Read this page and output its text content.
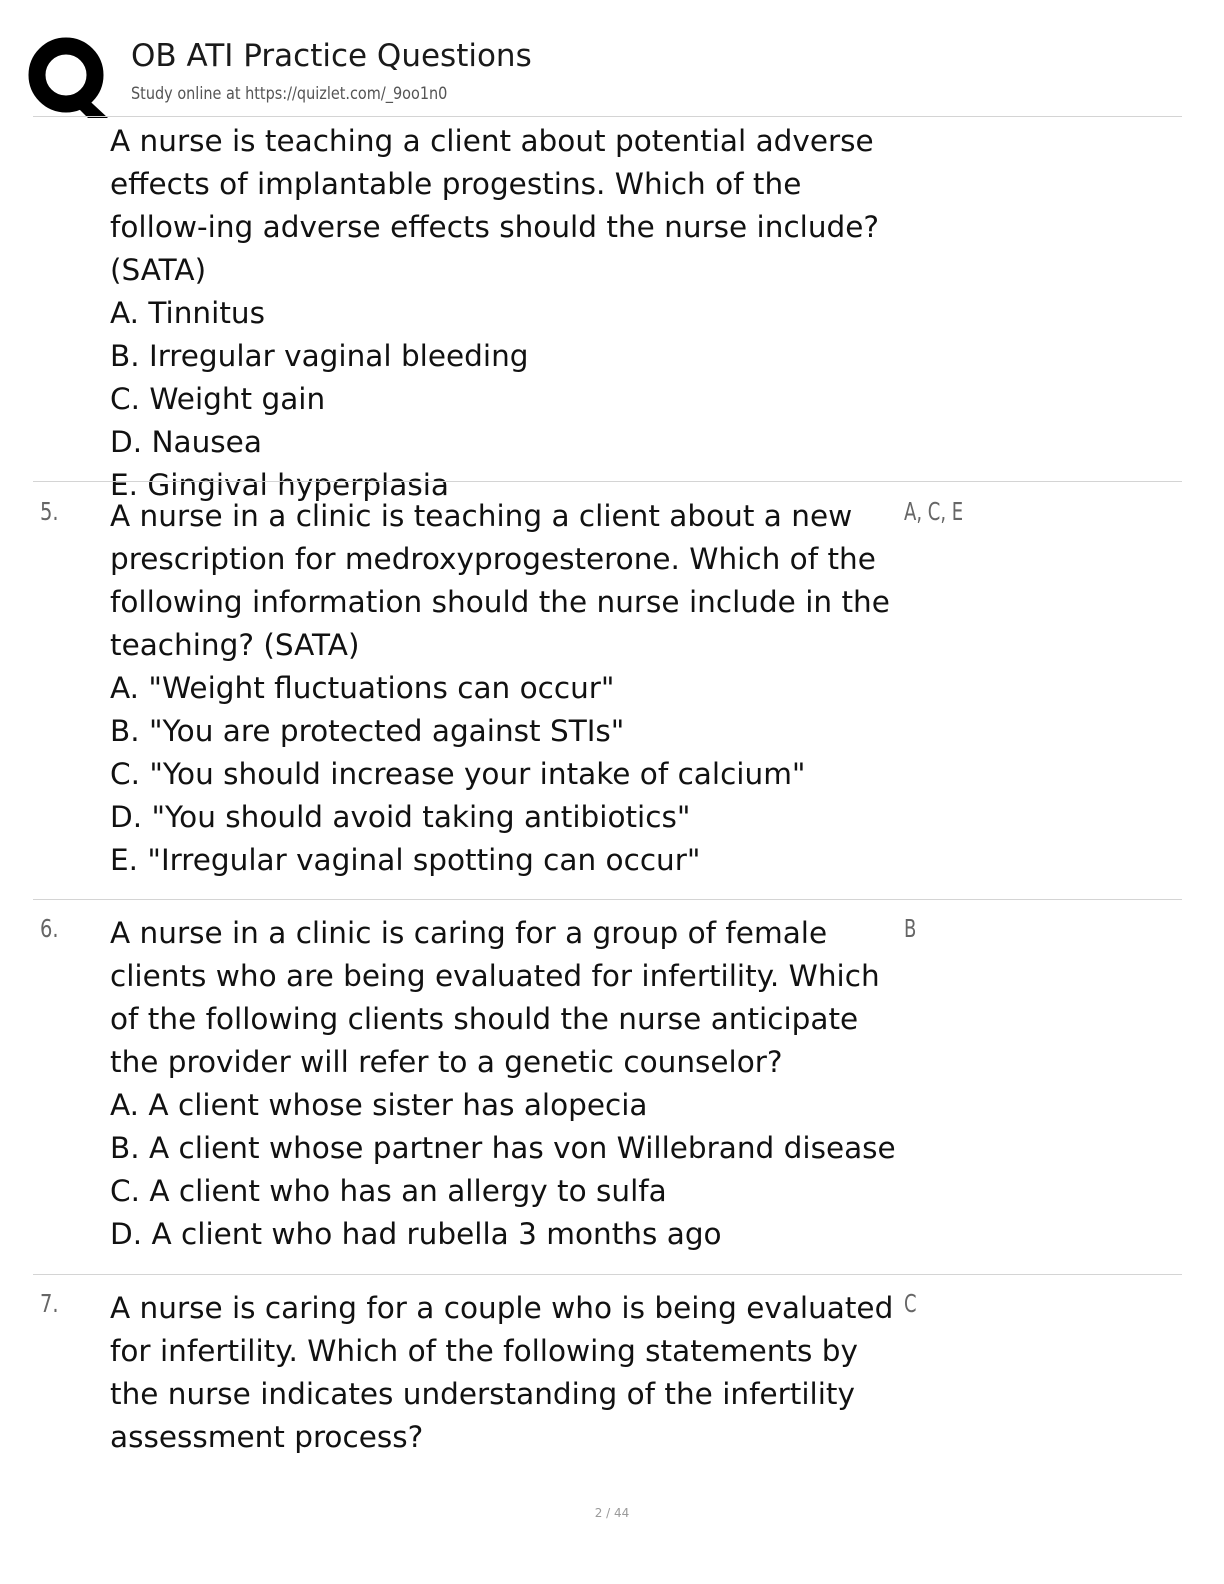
OB ATI Practice Questions
Study online at https://quizlet.com/_9oo1n0
A nurse is teaching a client about potential adverse effects of implantable progestins. Which of the follow-ing adverse effects should the nurse include? (SATA)
A. Tinnitus
B. Irregular vaginal bleeding
C. Weight gain
D. Nausea
E. Gingival hyperplasia
5. A nurse in a clinic is teaching a client about a new prescription for medroxyprogesterone. Which of the following information should the nurse include in the teaching? (SATA)
A. "Weight fluctuations can occur"
B. "You are protected against STIs"
C. "You should increase your intake of calcium"
D. "You should avoid taking antibiotics"
E. "Irregular vaginal spotting can occur"
A, C, E
6. A nurse in a clinic is caring for a group of female clients who are being evaluated for infertility. Which of the following clients should the nurse anticipate the provider will refer to a genetic counselor?
A. A client whose sister has alopecia
B. A client whose partner has von Willebrand disease
C. A client who has an allergy to sulfa
D. A client who had rubella 3 months ago
B
7. A nurse is caring for a couple who is being evaluated for infertility. Which of the following statements by the nurse indicates understanding of the infertility assessment process?
C
2 / 44
